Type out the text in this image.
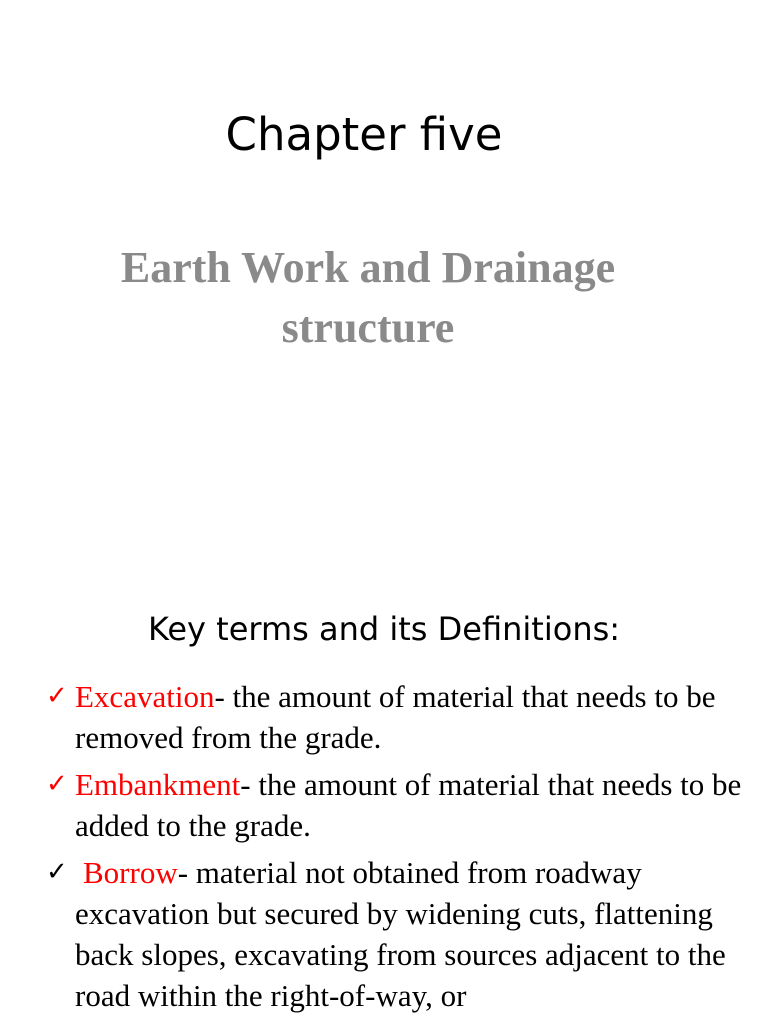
Chapter five
Earth Work and Drainage structure
Key terms and its Definitions:
✓ Excavation- the amount of material that needs to be removed from the grade.
✓ Embankment- the amount of material that needs to be added to the grade.
✓ Borrow- material not obtained from roadway excavation but secured by widening cuts, flattening back slopes, excavating from sources adjacent to the road within the right-of-way, or
